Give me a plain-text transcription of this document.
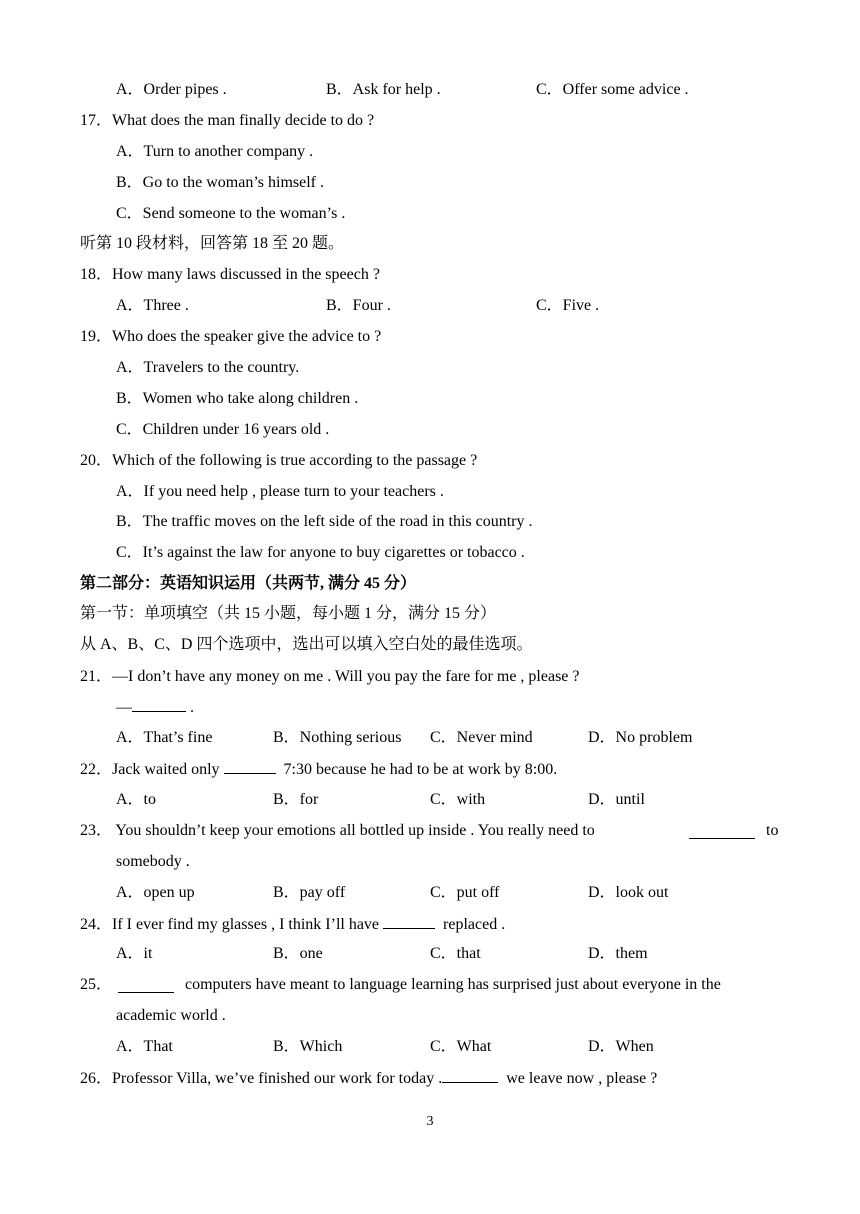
A．Order pipes .	B．Ask for help .	C．Offer some advice .
17．What does the man finally decide to do ?
A．Turn to another company .
B．Go to the woman’s himself .
C．Send someone to the woman’s .
听第 10 段材料，回答第 18 至 20 题。
18．How many laws discussed in the speech ?
A．Three .	B．Four .	C．Five .
19．Who does the speaker give the advice to ?
A．Travelers to the country.
B．Women who take along children .
C．Children under 16 years old .
20．Which of the following is true according to the passage ?
A．If you need help , please turn to your teachers .
B．The traffic moves on the left side of the road in this country .
C．It’s against the law for anyone to buy cigarettes or tobacco .
第二部分：英语知识运用（共两节, 满分 45 分）
第一节：单项填空（共 15 小题，每小题 1 分，满分 15 分）
从 A、B、C、D 四个选项中，选出可以填入空白处的最佳选项。
21．—I don’t have any money on me . Will you pay the fare for me , please ?
—	.
A．That’s fine	B．Nothing serious C．Never mind	D．No problem
22．Jack waited only	7:30 because he had to be at work by 8:00.
A．to	B．for	C．with	D．until
23． You shouldn’t keep your emotions all bottled up inside . You really need to	to
somebody .
A．open up	B．pay off	C．put off	D．look out
24．If I ever find my glasses , I think I’ll have	replaced .
A．it	B．one	C．that	D．them
25．	computers have meant to language learning has surprised just about everyone in the
academic world .
A．That	B．Which	C．What	D．When
26．Professor Villa, we’ve finished our work for today .	we leave now , please ?
3
